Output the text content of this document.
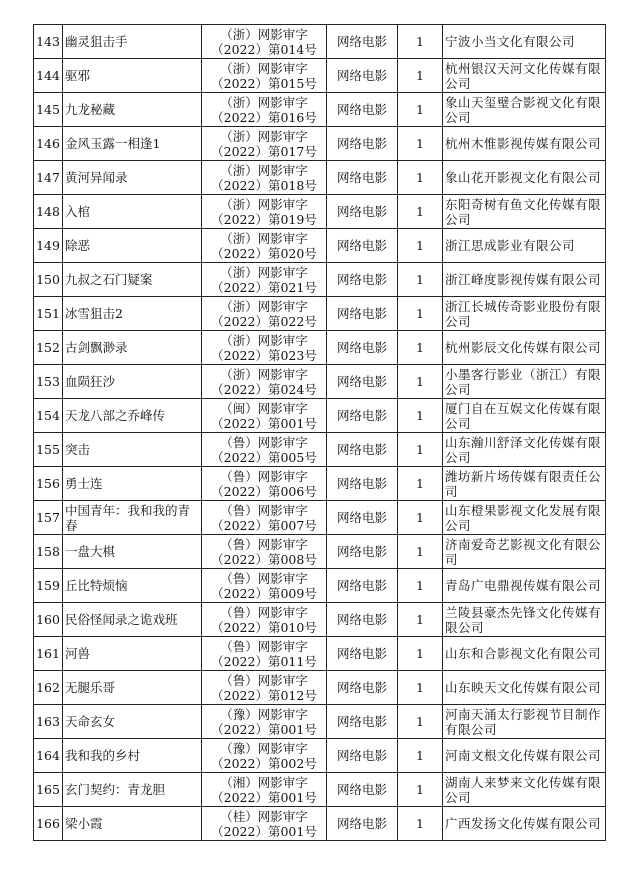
143	幽灵狙击手	（浙）网影审字
（2022）第014号	网络电影	1	宁波小当文化有限公司
144	驱邪	（浙）网影审字
（2022）第015号	网络电影	1	杭州银汉天河文化传媒有限公司
145	九龙秘藏	（浙）网影审字
（2022）第016号	网络电影	1	象山天玺璧合影视文化有限公司
146	金风玉露一相逢1	（浙）网影审字
（2022）第017号	网络电影	1	杭州木惟影视传媒有限公司
147	黄河异闻录	（浙）网影审字
（2022）第018号	网络电影	1	象山花开影视文化有限公司
148	入棺	（浙）网影审字
（2022）第019号	网络电影	1	东阳奇树有鱼文化传媒有限公司
149	除恶	（浙）网影审字
（2022）第020号	网络电影	1	浙江思成影业有限公司
150	九叔之石门疑案	（浙）网影审字
（2022）第021号	网络电影	1	浙江峰度影视传媒有限公司
151	冰雪狙击2	（浙）网影审字
（2022）第022号	网络电影	1	浙江长城传奇影业股份有限公司
152	古剑飘渺录	（浙）网影审字
（2022）第023号	网络电影	1	杭州影辰文化传媒有限公司
153	血陨狂沙	（浙）网影审字
（2022）第024号	网络电影	1	小墨客行影业（浙江）有限公司
154	天龙八部之乔峰传	（闽）网影审字
（2022）第001号	网络电影	1	厦门自在互娱文化传媒有限公司
155	突击	（鲁）网影审字
（2022）第005号	网络电影	1	山东瀚川舒泽文化传媒有限公司
156	勇士连	（鲁）网影审字
（2022）第006号	网络电影	1	潍坊新片场传媒有限责任公司
157	中国青年：我和我的青春	（鲁）网影审字
（2022）第007号	网络电影	1	山东橙果影视文化发展有限公司
158	一盘大棋	（鲁）网影审字
（2022）第008号	网络电影	1	济南爱奇艺影视文化有限公司
159	丘比特烦恼	（鲁）网影审字
（2022）第009号	网络电影	1	青岛广电鼎视传媒有限公司
160	民俗怪闻录之诡戏班	（鲁）网影审字
（2022）第010号	网络电影	1	兰陵县豪杰先锋文化传媒有限公司
161	河兽	（鲁）网影审字
（2022）第011号	网络电影	1	山东和合影视文化有限公司
162	无腿乐哥	（鲁）网影审字
（2022）第012号	网络电影	1	山东映天文化传媒有限公司
163	天命玄女	（豫）网影审字
（2022）第001号	网络电影	1	河南天涌太行影视节目制作有限公司
164	我和我的乡村	（豫）网影审字
（2022）第002号	网络电影	1	河南文根文化传媒有限公司
165	玄门契约：青龙胆	（湘）网影审字
（2022）第001号	网络电影	1	湖南人来梦来文化传媒有限公司
166	梁小霞	（桂）网影审字
（2022）第001号	网络电影	1	广西发扬文化传媒有限公司
